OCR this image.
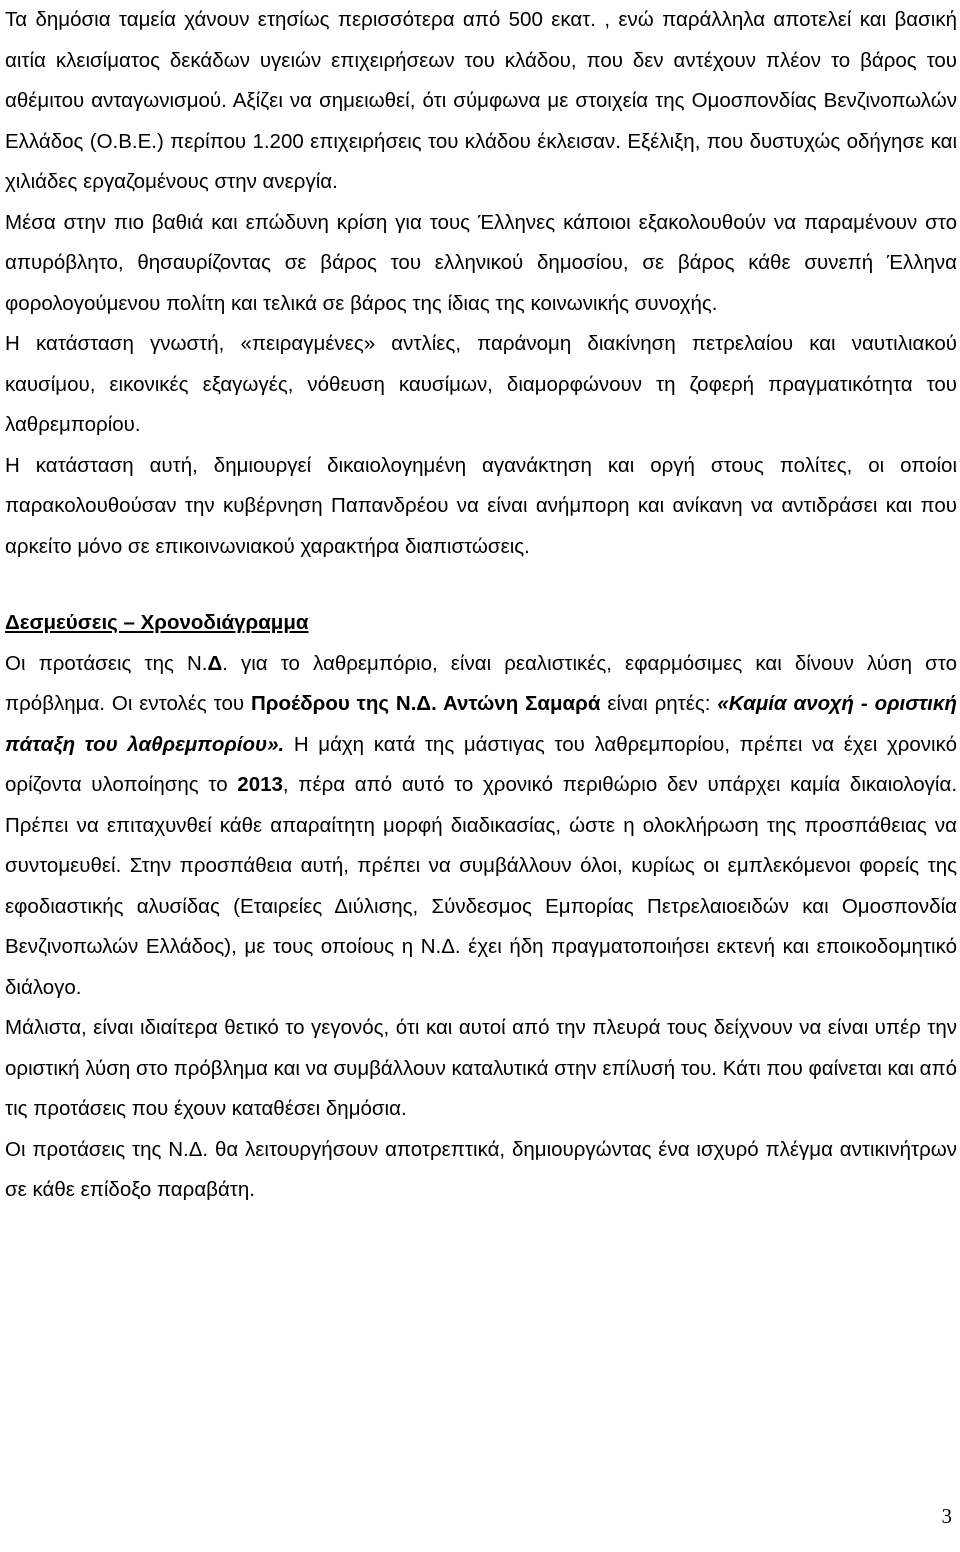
Τα δημόσια ταμεία χάνουν ετησίως περισσότερα από 500 εκατ. , ενώ παράλληλα αποτελεί και βασική αιτία κλεισίματος δεκάδων υγειών επιχειρήσεων του κλάδου, που δεν αντέχουν πλέον το βάρος του αθέμιτου ανταγωνισμού. Αξίζει να σημειωθεί, ότι σύμφωνα με στοιχεία της Ομοσπονδίας Βενζινοπωλών Ελλάδος (Ο.Β.Ε.) περίπου 1.200 επιχειρήσεις του κλάδου έκλεισαν. Εξέλιξη, που δυστυχώς οδήγησε και χιλιάδες εργαζομένους στην ανεργία.

Μέσα στην πιο βαθιά και επώδυνη κρίση για τους Έλληνες κάποιοι εξακολουθούν να παραμένουν στο απυρόβλητο, θησαυρίζοντας σε βάρος του ελληνικού δημοσίου, σε βάρος κάθε συνεπή Έλληνα φορολογούμενου πολίτη και τελικά σε βάρος της ίδιας της κοινωνικής συνοχής.

Η κατάσταση γνωστή, «πειραγμένες» αντλίες, παράνομη διακίνηση πετρελαίου και ναυτιλιακού καυσίμου, εικονικές εξαγωγές, νόθευση καυσίμων, διαμορφώνουν τη ζοφερή πραγματικότητα του λαθρεμπορίου.

Η κατάσταση αυτή, δημιουργεί δικαιολογημένη αγανάκτηση και οργή στους πολίτες, οι οποίοι παρακολουθούσαν την κυβέρνηση Παπανδρέου να είναι ανήμπορη και ανίκανη να αντιδράσει και που αρκείτο μόνο σε επικοινωνιακού χαρακτήρα διαπιστώσεις.

Δεσμεύσεις – Χρονοδιάγραμμα

Οι προτάσεις της Ν.Δ. για το λαθρεμπόριο, είναι ρεαλιστικές, εφαρμόσιμες και δίνουν λύση στο πρόβλημα. Οι εντολές του Προέδρου της Ν.Δ. Αντώνη Σαμαρά είναι ρητές: «Καμία ανοχή - οριστική πάταξη του λαθρεμπορίου». Η μάχη κατά της μάστιγας του λαθρεμπορίου, πρέπει να έχει χρονικό ορίζοντα υλοποίησης το 2013, πέρα από αυτό το χρονικό περιθώριο δεν υπάρχει καμία δικαιολογία. Πρέπει να επιταχυνθεί κάθε απαραίτητη μορφή διαδικασίας, ώστε η ολοκλήρωση της προσπάθειας να συντομευθεί. Στην προσπάθεια αυτή, πρέπει να συμβάλλουν όλοι, κυρίως οι εμπλεκόμενοι φορείς της εφοδιαστικής αλυσίδας (Εταιρείες Διύλισης, Σύνδεσμος Εμπορίας Πετρελαιοειδών και Ομοσπονδία Βενζινοπωλών Ελλάδος), με τους οποίους η Ν.Δ. έχει ήδη πραγματοποιήσει εκτενή και εποικοδομητικό διάλογο.

Μάλιστα, είναι ιδιαίτερα θετικό το γεγονός, ότι και αυτοί από την πλευρά τους δείχνουν να είναι υπέρ την οριστική λύση στο πρόβλημα και να συμβάλλουν καταλυτικά στην επίλυσή του. Κάτι που φαίνεται και από τις προτάσεις που έχουν καταθέσει δημόσια.

Οι προτάσεις της Ν.Δ. θα λειτουργήσουν αποτρεπτικά, δημιουργώντας ένα ισχυρό πλέγμα αντικινήτρων σε κάθε επίδοξο παραβάτη.

3
